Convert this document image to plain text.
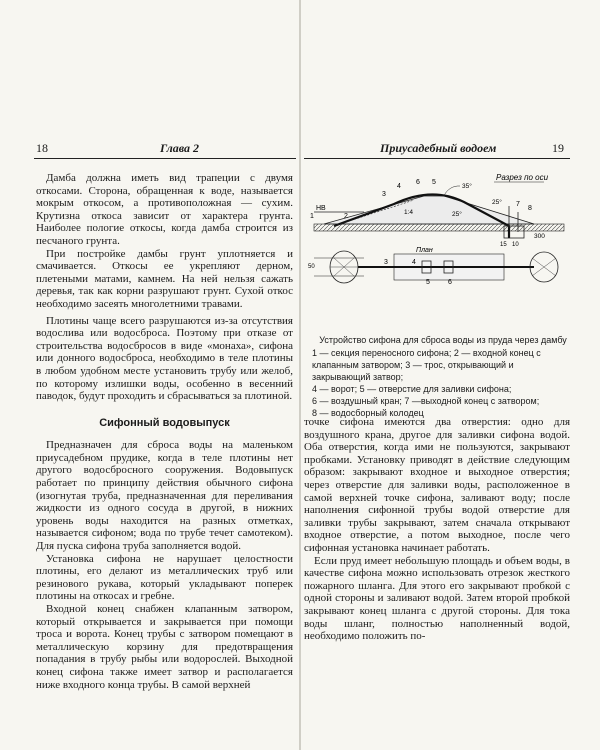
18	Глава 2

Дамба должна иметь вид трапеции с двумя откосами. Сторона, обращенная к воде, называется мокрым откосом, а противоположная — сухим. Крутизна откоса зависит от характера грунта. Наиболее пологие откосы, когда дамба строится из песчаного грунта.

При постройке дамбы грунт уплотняется и смачивается. Откосы ее укрепляют дерном, плетеными матами, камнем. На ней нельзя сажать деревья, так как корни разрушают грунт. Сухой откос необходимо засеять многолетними травами.

Плотины чаще всего разрушаются из-за отсутствия водослива или водосброса. Поэтому при отказе от строительства водосбросов в виде «монаха», сифона или донного водосброса, необходимо в теле плотины в любом удобном месте установить трубу или желоб, по которому излишки воды, особенно в весенний паводок, будут проходить и сбрасываться за плотиной.

Сифонный водовыпуск

Предназначен для сброса воды на маленьком приусадебном прудике, когда в теле плотины нет другого водосбросного сооружения. Водовыпуск работает по принципу действия обычного сифона (изогнутая труба, предназначенная для переливания жидкости из одного сосуда в другой, в нижних уровень воды находится на разных отметках, называется сифоном; вода по трубе течет самотеком). Для пуска сифона труба заполняется водой.

Установка сифона не нарушает целостности плотины, его делают из металлических труб или резинового рукава, который укладывают поперек плотины на откосах и гребне.

Входной конец снабжен клапанным затвором, который открывается и закрывается при помощи троса и ворота. Конец трубы с затвором помещают в металлическую корзину для предотвращения попадания в трубу рыбы или водорослей. Выходной конец сифона также имеет затвор и располагается ниже входного конца трубы. В самой верхней

Приусадебный водоем	19
Разрез по оси
НВ
3
4
6 5
1:4
35°
25°
25°
7
8
300
15 10
50
1	2
План
3	4
5	6
Устройство сифона для сброса воды из пруда через дамбу
1 — секция переносного сифона; 2 — входной конец с клапанным затвором; 3 — трос, открывающий и закрывающий затвор;
4 — ворот; 5 — отверстие для заливки сифона;
6 — воздушный кран; 7 —выходной конец с затвором;
8 — водосборный колодец

точке сифона имеются два отверстия: одно для воздушного крана, другое для заливки сифона водой. Оба отверстия, когда ими не пользуются, закрывают пробками. Установку приводят в действие следующим образом: закрывают входное и выходное отверстия; через отверстие для заливки воды, расположенное в самой верхней точке сифона, заливают воду; после наполнения сифонной трубы водой отверстие для заливки трубы закрывают, затем сначала открывают входное отверстие, а потом выходное, после чего сифонная установка начинает работать.

Если пруд имеет небольшую площадь и объем воды, в качестве сифона можно использовать отрезок жесткого пожарного шланга. Для этого его закрывают пробкой с одной стороны и заливают водой. Затем второй пробкой закрывают конец шланга с другой стороны. Для тока воды шланг, полностью наполненный водой, необходимо положить по-
